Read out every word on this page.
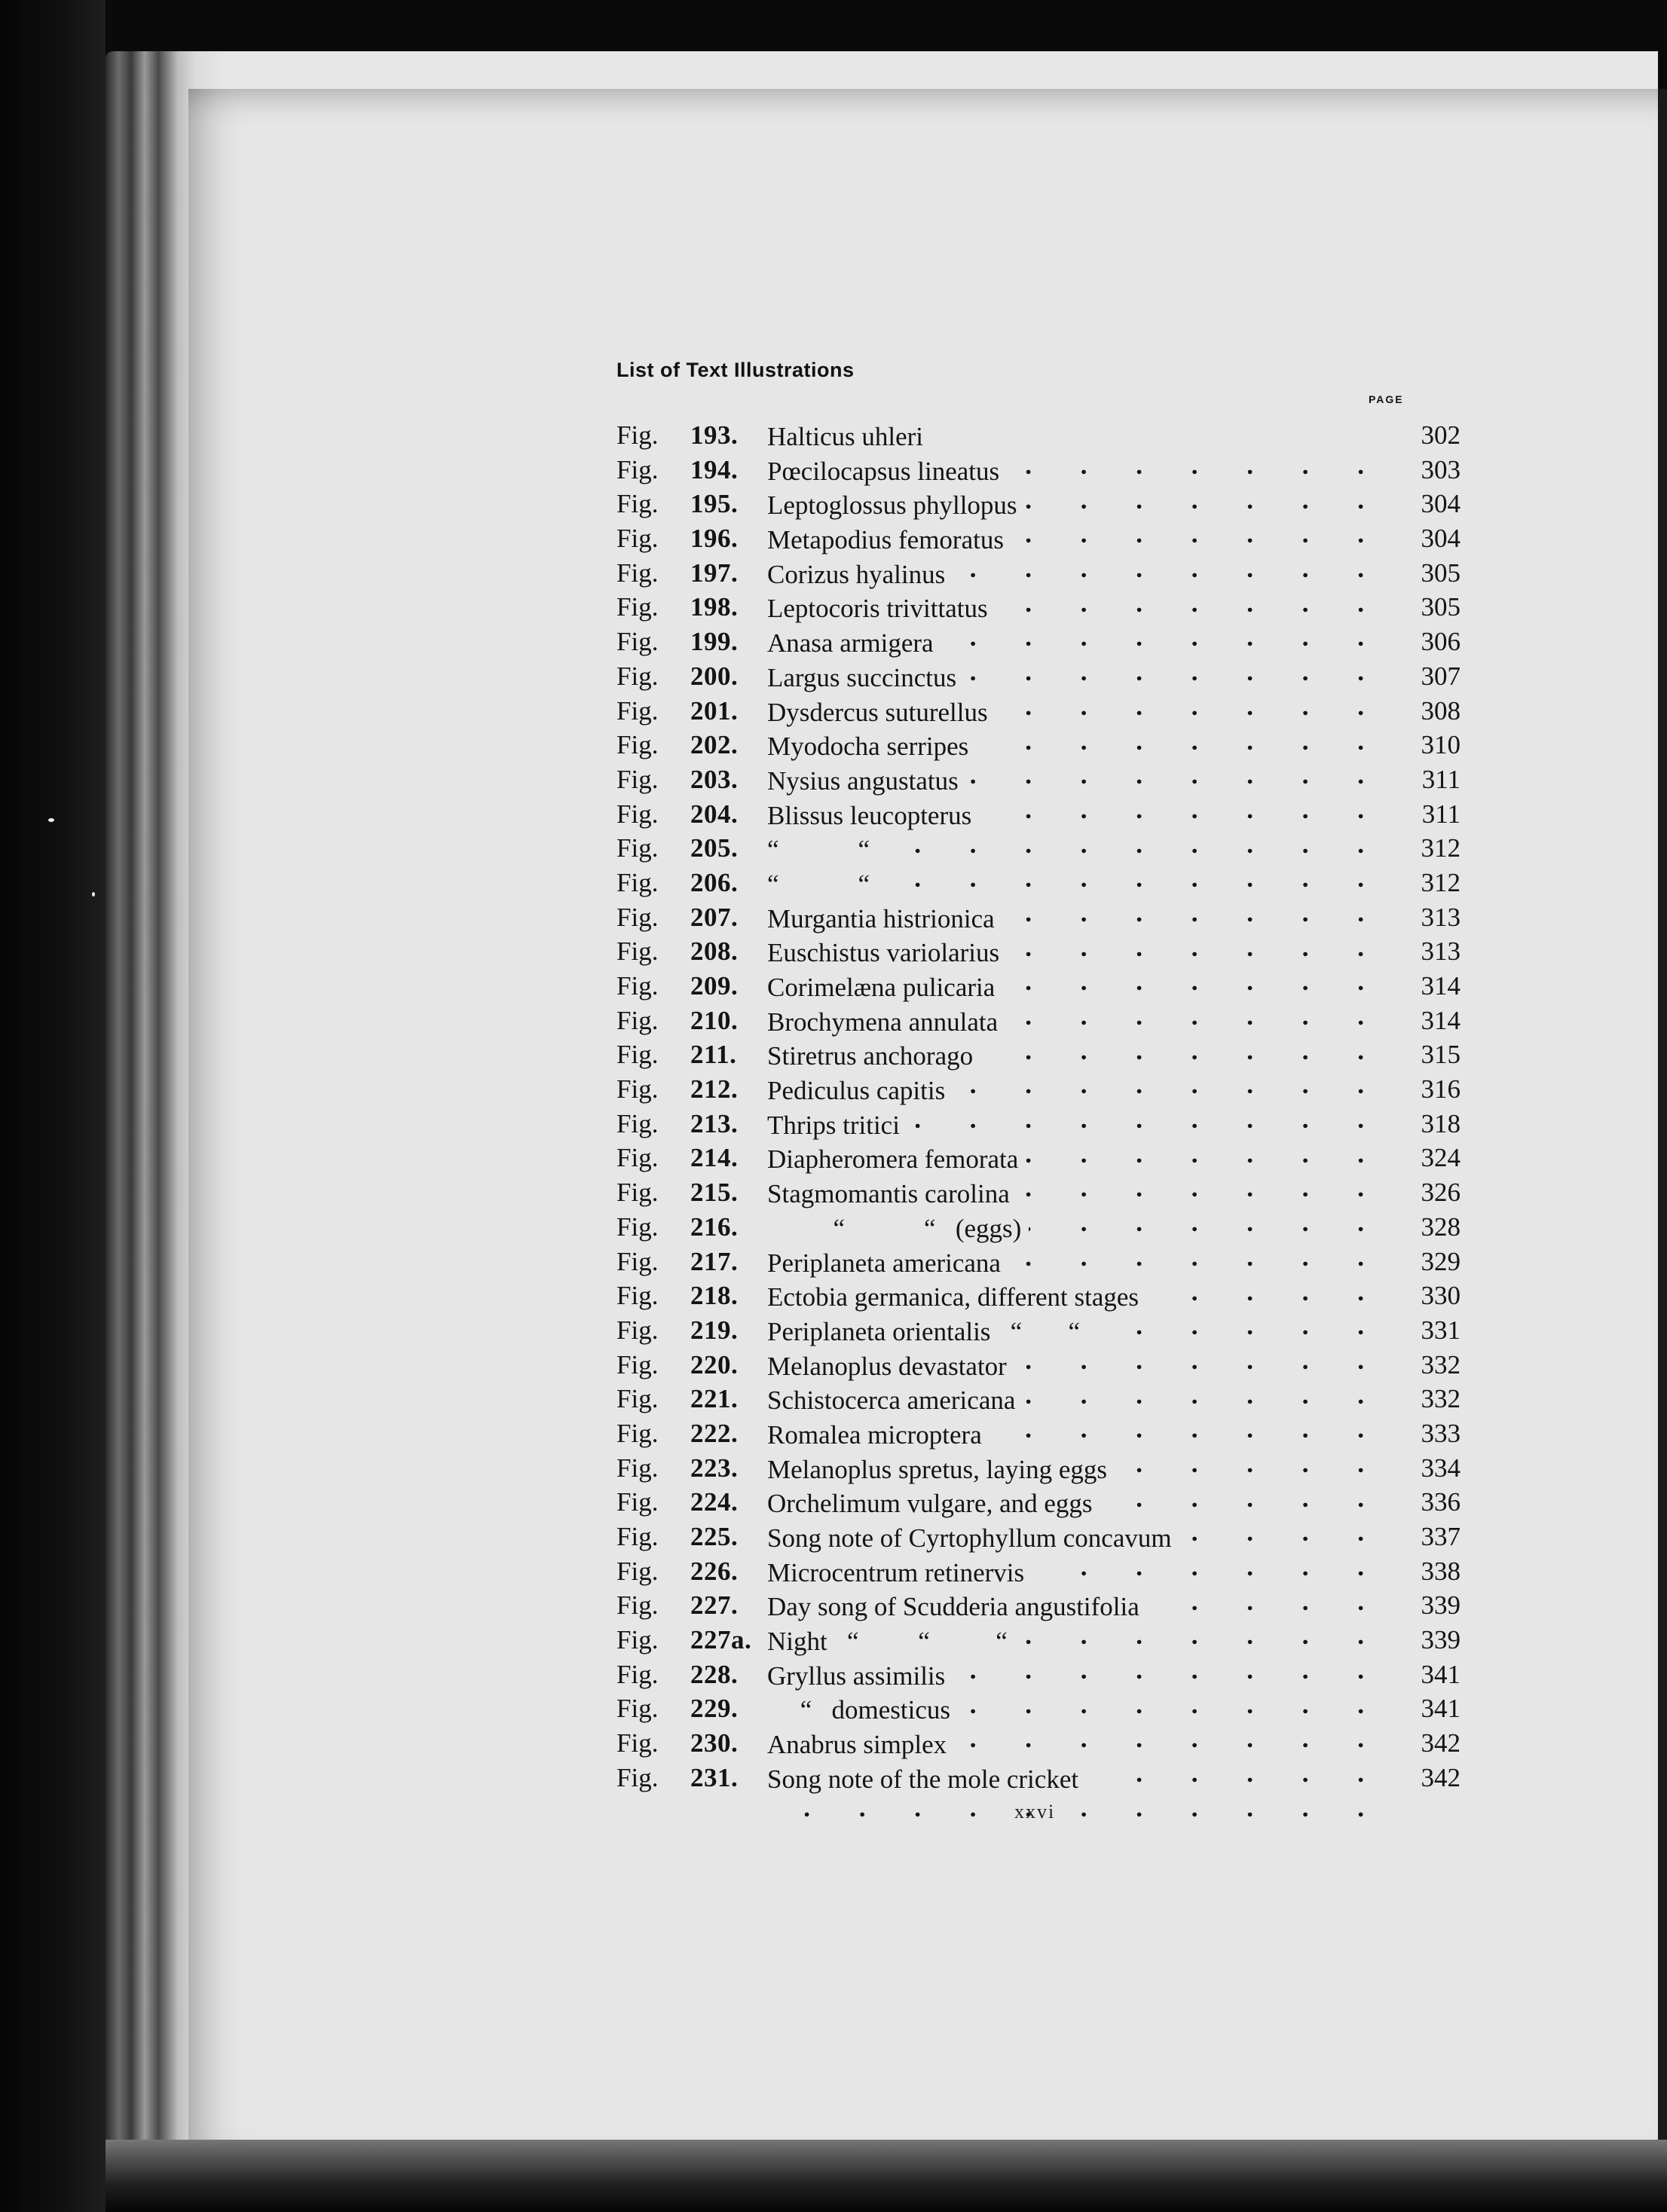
List of Text Illustrations
PAGE
Fig. 193. Halticus uhleri . . .	302
Fig. 194. Pœcilocapsus lineatus . . .	303
Fig. 195. Leptoglossus phyllopus . . .	304
Fig. 196. Metapodius femoratus . . .	304
Fig. 197. Corizus hyalinus . . .	305
Fig. 198. Leptocoris trivittatus . . .	305
Fig. 199. Anasa armigera . . .	306
Fig. 200. Largus succinctus . . .	307
Fig. 201. Dysdercus suturellus . . .	308
Fig. 202. Myodocha serripes . . .	310
Fig. 203. Nysius angustatus . . .	311
Fig. 204. Blissus leucopterus . . .	311
Fig. 205. “            “ . . .	312
Fig. 206. “            “ . . .	312
Fig. 207. Murgantia histrionica . . .	313
Fig. 208. Euschistus variolarius . . .	313
Fig. 209. Corimelæna pulicaria . . .	314
Fig. 210. Brochymena annulata . . .	314
Fig. 211. Stiretrus anchorago . . .	315
Fig. 212. Pediculus capitis . . .	316
Fig. 213. Thrips tritici . . .	318
Fig. 214. Diapheromera femorata . . .	324
Fig. 215. Stagmomantis carolina . . .	326
Fig. 216. “            “   (eggs) . . .	328
Fig. 217. Periplaneta americana . . .	329
Fig. 218. Ectobia germanica, different stages . . .	330
Fig. 219. Periplaneta orientalis   “       “ . . .	331
Fig. 220. Melanoplus devastator . . .	332
Fig. 221. Schistocerca americana . . .	332
Fig. 222. Romalea microptera . . .	333
Fig. 223. Melanoplus spretus, laying eggs . . .	334
Fig. 224. Orchelimum vulgare, and eggs . . .	336
Fig. 225. Song note of Cyrtophyllum concavum . . .	337
Fig. 226. Microcentrum retinervis . . .	338
Fig. 227. Day song of Scudderia angustifolia . . .	339
Fig. 227a. Night   “         “          “ . . .	339
Fig. 228. Gryllus assimilis . . .	341
Fig. 229. “   domesticus . . .	341
Fig. 230. Anabrus simplex . . .	342
Fig. 231. Song note of the mole cricket . . .	342
xxvi
